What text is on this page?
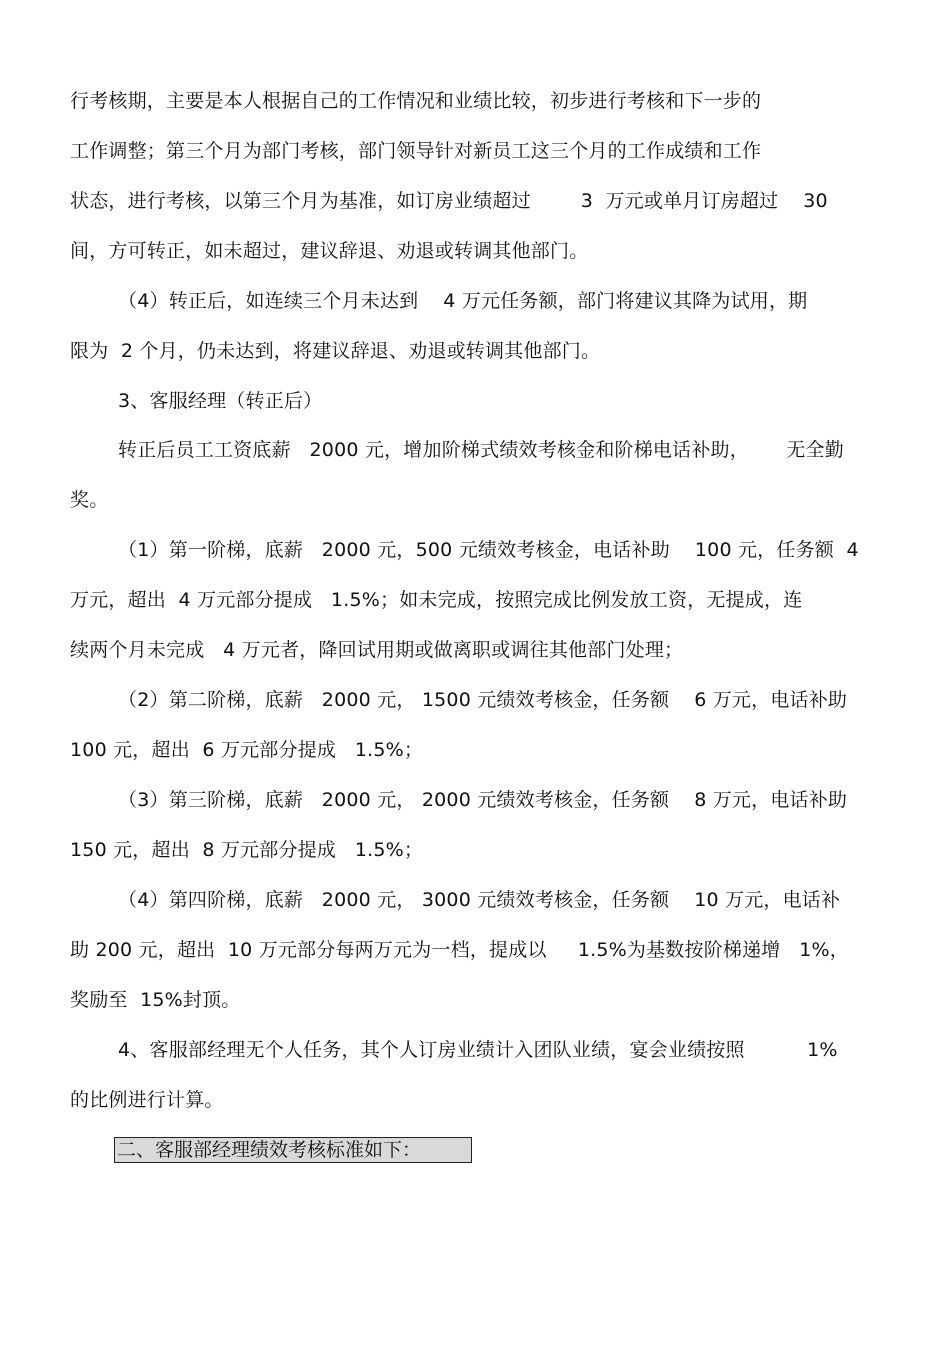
行考核期，主要是本人根据自己的工作情况和业绩比较，初步进行考核和下一步的
工作调整；第三个月为部门考核，部门领导针对新员工这三个月的工作成绩和工作
状态，进行考核，以第三个月为基准，如订房业绩超过        3  万元或单月订房超过    30
间，方可转正，如未超过，建议辞退、劝退或转调其他部门。
（4）转正后，如连续三个月未达到    4 万元任务额，部门将建议其降为试用，期
限为  2 个月，仍未达到，将建议辞退、劝退或转调其他部门。
3、客服经理（转正后）
转正后员工工资底薪   2000 元，增加阶梯式绩效考核金和阶梯电话补助，      无全勤
奖。
（1）第一阶梯，底薪   2000 元，500 元绩效考核金，电话补助    100 元，任务额  4
万元，超出  4 万元部分提成   1.5%；如未完成，按照完成比例发放工资，无提成，连
续两个月未完成   4 万元者，降回试用期或做离职或调往其他部门处理；
（2）第二阶梯，底薪   2000 元， 1500 元绩效考核金，任务额    6 万元，电话补助
100 元，超出  6 万元部分提成   1.5%；
（3）第三阶梯，底薪   2000 元， 2000 元绩效考核金，任务额    8 万元，电话补助
150 元，超出  8 万元部分提成   1.5%；
（4）第四阶梯，底薪   2000 元， 3000 元绩效考核金，任务额    10 万元，电话补
助 200 元，超出  10 万元部分每两万元为一档，提成以     1.5%为基数按阶梯递增   1%，
奖励至  15%封顶。
4、客服部经理无个人任务，其个人订房业绩计入团队业绩，宴会业绩按照          1%
的比例进行计算。
二、客服部经理绩效考核标准如下：
